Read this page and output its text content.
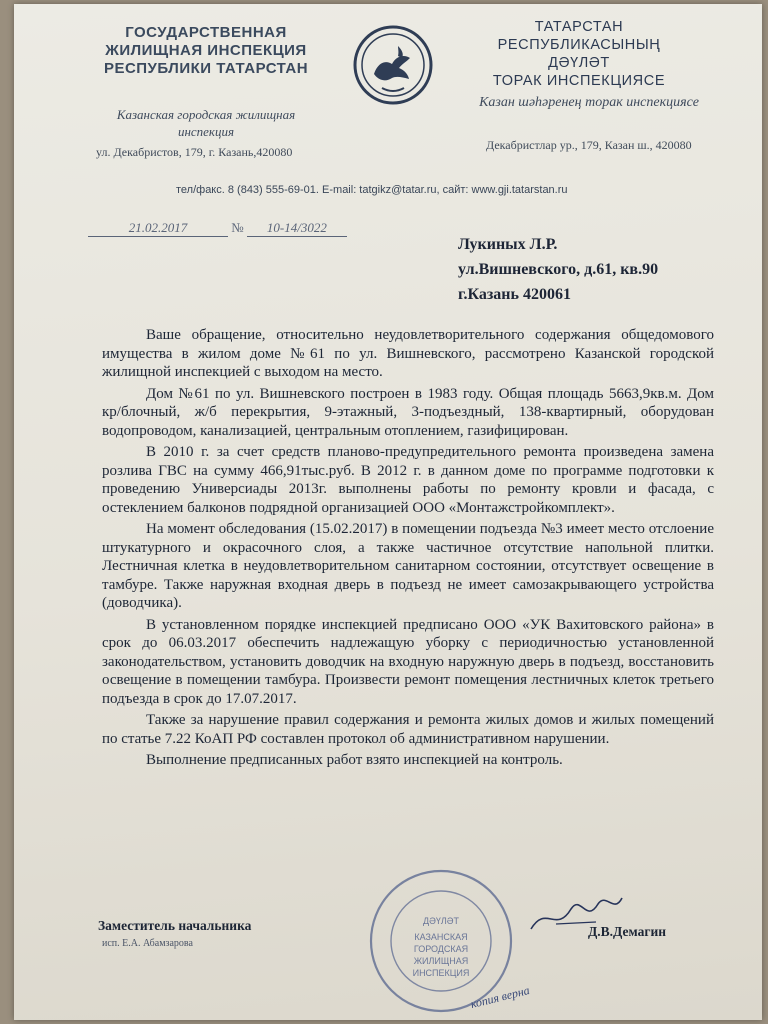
ГОСУДАРСТВЕННАЯ
ЖИЛИЩНАЯ ИНСПЕКЦИЯ
РЕСПУБЛИКИ ТАТАРСТАН
Казанская городская жилищная
инспекция
ул. Декабристов, 179, г. Казань,420080
ТАТАРСТАН
РЕСПУБЛИКАСЫНЫҢ
ДӘҮЛӘТ
ТОРАК ИНСПЕКЦИЯСЕ
Казан шәһәренең торак инспекциясе
Декабристлар ур., 179, Казан ш., 420080
тел/факс. 8 (843) 555-69-01. E-mail: tatgikz@tatar.ru, сайт: www.gji.tatarstan.ru
21.02.2017	№ 10-14/3022
Лукиных Л.Р.
ул.Вишневского, д.61, кв.90
г.Казань 420061

Ваше обращение, относительно неудовлетворительного содержания общедомового имущества в жилом доме №61 по ул. Вишневского, рассмотрено Казанской городской жилищной инспекцией с выходом на место.

Дом №61 по ул. Вишневского построен в 1983 году. Общая площадь 5663,9кв.м. Дом кр/блочный, ж/б перекрытия, 9-этажный, 3-подъездный, 138-квартирный, оборудован водопроводом, канализацией, центральным отоплением, газифицирован.

В 2010 г. за счет средств планово-предупредительного ремонта произведена замена розлива ГВС на сумму 466,91тыс.руб. В 2012 г. в данном доме по программе подготовки к проведению Универсиады 2013г. выполнены работы по ремонту кровли и фасада, с остеклением балконов подрядной организацией ООО «Монтажстройкомплект».

На момент обследования (15.02.2017) в помещении подъезда №3 имеет место отслоение штукатурного и окрасочного слоя, а также частичное отсутствие напольной плитки. Лестничная клетка в неудовлетворительном санитарном состоянии, отсутствует освещение в тамбуре. Также наружная входная дверь в подъезд не имеет самозакрывающего устройства (доводчика).

В установленном порядке инспекцией предписано ООО «УК Вахитовского района» в срок до 06.03.2017 обеспечить надлежащую уборку с периодичностью установленной законодательством, установить доводчик на входную наружную дверь в подъезд, восстановить освещение в помещении тамбура. Произвести ремонт помещения лестничных клеток третьего подъезда в срок до 17.07.2017.

Также за нарушение правил содержания и ремонта жилых домов и жилых помещений по статье 7.22 КоАП РФ составлен протокол об административном нарушении.

Выполнение предписанных работ взято инспекцией на контроль.

Заместитель начальника
исп. Е.А. Абамзарова
Д.В.Демагин
ДӘҮЛӘТ
КАЗАНСКАЯ
ГОРОДСКАЯ
ЖИЛИЩНАЯ
ИНСПЕКЦИЯ
копия верна
